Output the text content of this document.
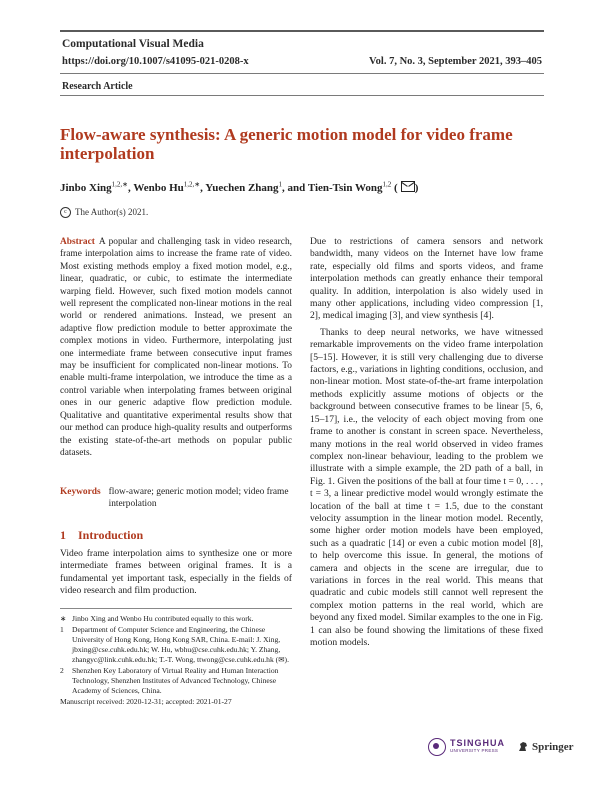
Computational Visual Media
https://doi.org/10.1007/s41095-021-0208-x	Vol. 7, No. 3, September 2021, 393–405
Research Article
Flow-aware synthesis: A generic motion model for video frame interpolation
Jinbo Xing$^{1,2,∗}$, Wenbo $Hu^{1,2,∗}$, Yuechen Zhang$^1$, and Tien-Tsin Wong$^{1,2}$ ( )
c The Author(s) 2021.
Abstract A popular and challenging task in video research, frame interpolation aims to increase the frame rate of video. Most existing methods employ a fixed motion model, e.g., linear, quadratic, or cubic, to estimate the intermediate warping field. However, such fixed motion models cannot well represent the complicated non-linear motions in the real world or rendered animations. Instead, we present an adaptive flow prediction module to better approximate the complex motions in video. Furthermore, interpolating just one intermediate frame between consecutive input frames may be insufficient for complicated non-linear motions. To enable multi-frame interpolation, we introduce the time as a control variable when interpolating frames between original ones in our generic adaptive flow prediction module. Qualitative and quantitative experimental results show that our method can produce high-quality results and outperforms the existing state-of-the-art methods on popular public datasets.
Keywords flow-aware; generic motion model; video frame interpolation
1 Introduction

Video frame interpolation aims to synthesize one or more intermediate frames between original frames. It is a fundamental yet important task, especially in the fields of video research and film production.

∗ Jinbo Xing and Wenbo Hu contributed equally to this work.
1	Department of Computer Science and Engineering, the Chinese University of Hong Kong, Hong Kong SAR, China. E-mail: J. Xing, jbxing@cse.cuhk.edu.hk; W. Hu, wbhu@cse.cuhk.edu.hk; Y. Zhang, zhangyc@link.cuhk.edu.hk; T.-T. Wong, ttwong@cse.cuhk.edu.hk (✉).
2	Shenzhen Key Laboratory of Virtual Reality and Human Interaction Technology, Shenzhen Institutes of Advanced Technology, Chinese Academy of Sciences, China.
Manuscript received: 2020-12-31; accepted: 2021-01-27

Due to restrictions of camera sensors and network bandwidth, many videos on the Internet have low frame rate, especially old films and sports videos, and frame interpolation methods can greatly enhance their temporal quality. In addition, interpolation is also widely used in many other applications, including video compression [1, 2], medical imaging [3], and view synthesis [4].

Thanks to deep neural networks, we have witnessed remarkable improvements on the video frame interpolation [5–15]. However, it is still very challenging due to diverse factors, e.g., variations in lighting conditions, occlusion, and non-linear motion. Most state-of-the-art frame interpolation methods explicitly assume motions of objects or the background between consecutive frames to be linear [5, 6, 15–17], i.e., the velocity of each object moving from one frame to another is constant in screen space. Nevertheless, many motions in the real world observed in video frames complex non-linear behaviour, leading to the problem we illustrate with a simple example, the 2D path of a ball, in Fig. 1. Given the positions of the ball at four time t = 0, . . . , t = 3, a linear predictive model would wrongly estimate the location of the ball at time t = 1.5, due to the constant velocity assumption in the linear motion model. Recently, some higher order motion models have been employed, such as a quadratic [14] or even a cubic motion model [8], to help overcome this issue. In general, the motions of camera and objects in the scene are irregular, due to variations in forces in the real world. This means that quadratic and cubic models still cannot well represent the complex motion patterns in the real world, which are beyond any fixed model. Similar examples to the one in Fig. 1 can also be found showing the limitations of these fixed motion models.

TSINGHUA
UNIVERSITY PRESS	Springer
